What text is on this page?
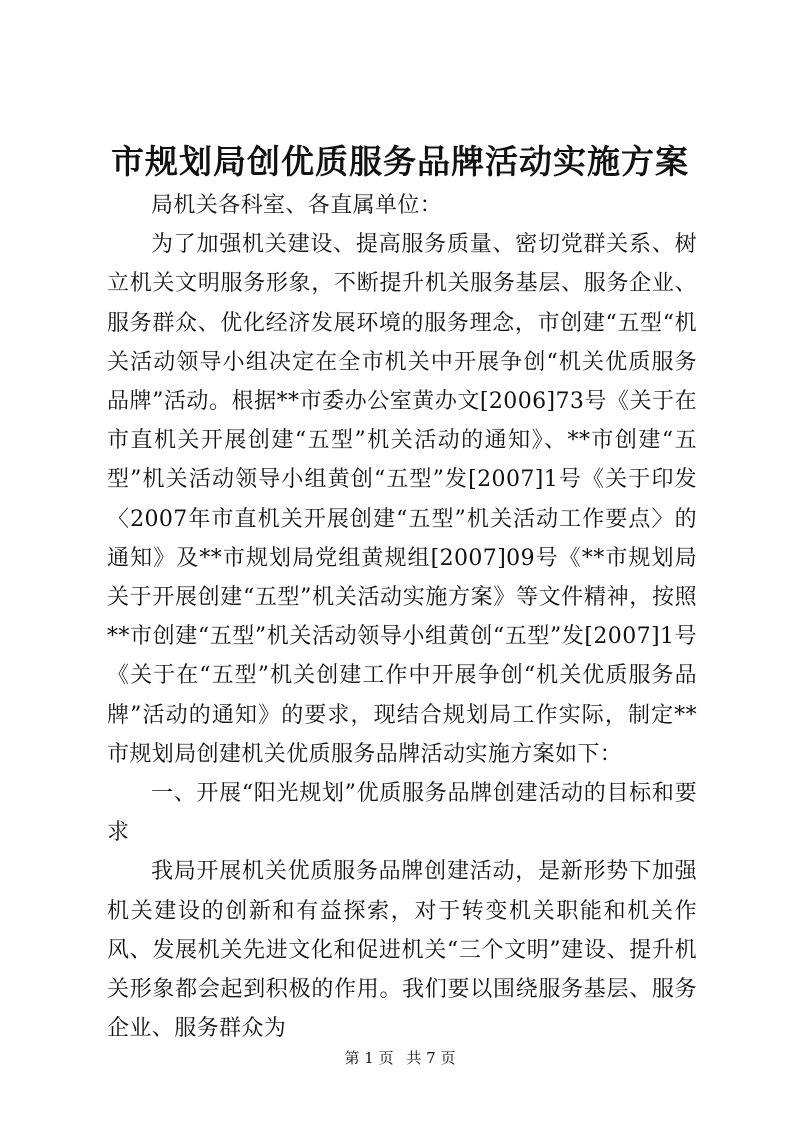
市规划局创优质服务品牌活动实施方案

局机关各科室、各直属单位：

为了加强机关建设、提高服务质量、密切党群关系、树立机关文明服务形象，不断提升机关服务基层、服务企业、服务群众、优化经济发展环境的服务理念，市创建“五型“机关活动领导小组决定在全市机关中开展争创“机关优质服务品牌”活动。根据**市委办公室黄办文[2006]73号《关于在市直机关开展创建“五型”机关活动的通知》、**市创建“五型”机关活动领导小组黄创“五型”发[2007]1号《关于印发〈2007年市直机关开展创建“五型”机关活动工作要点〉的通知》及**市规划局党组黄规组[2007]09号《**市规划局关于开展创建“五型”机关活动实施方案》等文件精神，按照**市创建“五型”机关活动领导小组黄创“五型”发[2007]1号《关于在“五型”机关创建工作中开展争创“机关优质服务品牌”活动的通知》的要求，现结合规划局工作实际，制定**市规划局创建机关优质服务品牌活动实施方案如下：

一、开展“阳光规划”优质服务品牌创建活动的目标和要求

我局开展机关优质服务品牌创建活动，是新形势下加强机关建设的创新和有益探索，对于转变机关职能和机关作风、发展机关先进文化和促进机关“三个文明”建设、提升机关形象都会起到积极的作用。我们要以围绕服务基层、服务企业、服务群众为

第 1 页 共 7 页
